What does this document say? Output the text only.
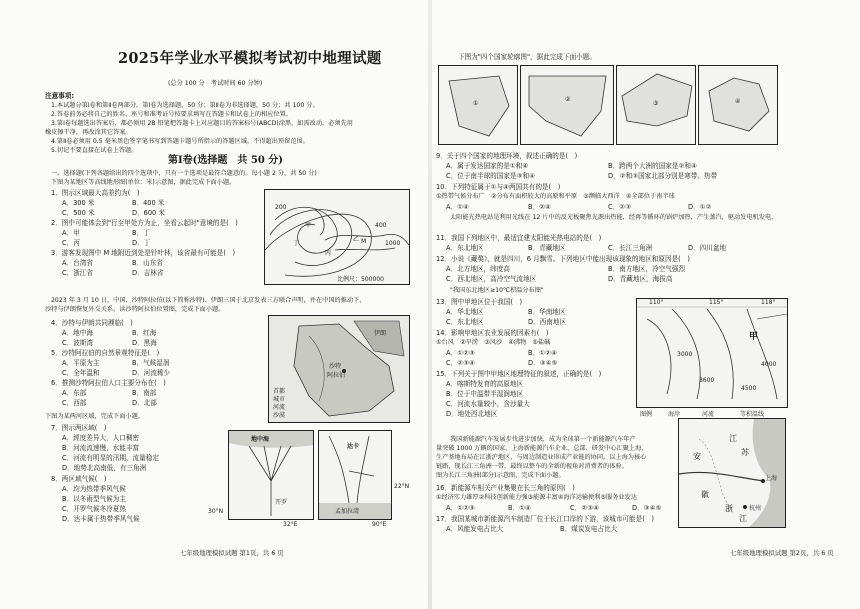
2025年学业水平模拟考试初中地理试题
(总分 100 分　考试时间 60 分钟)
注意事项:
1.本试题分第Ⅰ卷和第Ⅱ卷两部分。第Ⅰ卷为选择题，50 分；第Ⅱ卷为非选择题，50 分；共 100 分。
2.答卷前务必将自己的姓名、座号和准考证号按要求填写在答题卡和试卷上的相应位置。
3.第Ⅰ卷每题选出答案后，都必须用 2B 铅笔把答题卡上对应题目的答案标号(ABCD)涂黑，如需改动，必须先用
橡皮擦干净，再改涂其它答案。
4.第Ⅱ卷必须用 0.5 毫米黑色签字笔书写到答题卡题号所指示的答题区域，不得超出预留范围。
5.切记不要直接在试卷上答题。
第Ⅰ卷(选择题　共 50 分)
一、选择题(下列各题给出的四个选项中，只有一个选项是最符合题意的。每小题 2 分，共 50 分)
下图为某地区等高线地形图(单位：米)示意图，据此完成下面小题。
1．图示区域最大高差约为(　)
A．300 米	B．400 米
C．500 米	D．600 米
2．图中可能体会到"行至甲处方为止，坐看云起时"意境的是(　)
A．甲	B．丁
C．丙	D．丁
3．游客发现图中 M 地附近到处是针叶林，该省最有可能是(　)
A．台湾省	B．山东省
C．浙江省	D．吉林省
甲
乙
丙
丁	M
200
400
1000
比例尺：500000
2023 年 3 月 10 日，中国、沙特阿拉伯(以下简称沙特)、伊朗三国于北京发表三方联合声明，并在中国的推动下，
沙特与伊朗恢复外交关系。读沙特阿拉伯位置图，完成下面小题。
4．沙特与伊朗共同濒临(　)
A．地中海	B．红海
C．波斯湾	D．黑海
5．沙特阿拉伯的自然景观特征是(　)
A．平原为主	B．气候湿润
C．全年温和	D．河流稀少
6．推测沙特阿拉伯人口主要分布在(　)
A．东部	B．南部
C．西部	D．北部
伊朗
沙特
阿拉伯
首都
城市
河流
沙漠
下图为某两河区域，完成下面小题。
7．图示两区域(　)
A．經度差异大，人口稠密
B．河流流速慢，水能丰富
C．河流有明显的汛期，流量稳定
D．地势北高南低，有三角洲
8．两区域气候(　)
A．均为热带季风气候
B．以冬雨型气候为主
C．开罗气候冬冷夏热
D．达卡属于热带季风气候
地中海
开罗
32°E
30°N
达卡
孟加拉湾
90°E
22°N
七年级地理模拟试题 第1页，共 6 页
下图为"四个国家轮廓图"，据此完成下面小题。
①
②
③	④
9．关于四个国家的地理环境，叙述正确的是(　)
A．属于发达国家的是①和④	B．跨两个大洲的国家是②和④
C．位于南半球的国家是③和④	D．②和③国家北部分别是寒带、热带
10．下列特征属于①与④两国共有的是(　)
①热带气候分布广　②分布有面积较大的高原和平原　③濒临大西洋　④全部位于南半球
A．①④	B．②④	C．②③	D．①②
太阳能光热电站是利用光线在 12 片中的反光板聚焦光源出热能，经再等循环的锅炉加热，产生蒸汽，驱动发电机发电。
11．我国下列地区中，最适宜建太阳能光热电站的是(　)
A．东北地区	B．青藏地区	C．长江三角洲	D．四川盆地
12．小说《藏獒》，就是四川，6 月飘雪。下列地区中能出现该现象的地区和原因是(　)
A．北方地区，纬度高	B．南方地区，冷空气强烈
C．西北地区，高冷空气流地区	D．青藏地区，海拔高
"我国东北地区≥10℃积温分布图"
13．图中甲地区位于我国(　)
A．华北地区	B．华南地区
C．东北地区	D．西南地区
14．影响甲地区农业发展的因素有(　)
①台风　②旱涝　③风沙　④沸物　⑤盐碱
A．①②③	B．①②④
C．②③④	D．③④⑤
15．下列关于图中甲地区地理特征的叙述，正确的是(　)
A．喀斯特发育的高原地区
B．位于中温带半湿润地区
C．河流水量较小，含沙量大
D．地处西北地区
110°	115°	118°
甲
3000
3600
4000
4500
图例	海岸	河流	等积温线
我国新能源汽车发展步伐进步加快，成为全球第一个新能源汽车年产
量突破 1000 万辆的国家，上海新能源汽车企业、总部、研发中心汇聚上海，
生产基地布局在江浙沪地区，与周边制造业形成产业链的协同。以上海为核心
链路，现长江三角洲一带，最终以整车的全新的视角对消费者的体验。
图为长江三角洲(部分)示意图，完成下面小题。
16．新能源车相关产业集聚在长三角的原因(　)
①经济实力雄厚②科技创新能力强③能源丰富④海洋运输便利⑤服务业发达
A．①②③	B．①④	C．②③④	D．③④⑤
17．我国某城市新能源汽车制造厂位于长江口岸的下游，该城市可能是(　)
A．风能发电占比大	B．煤炭发电占比大
江
苏
安
徽
浙
江
上海
杭州
七年级地理模拟试题 第2页，共 6 页
